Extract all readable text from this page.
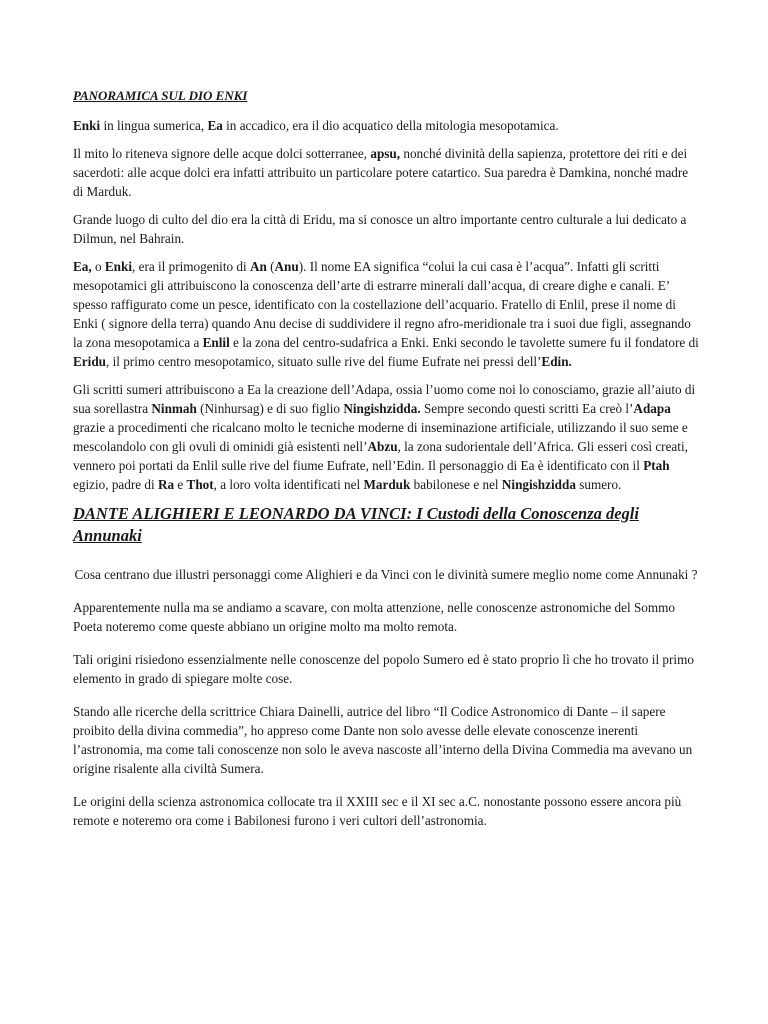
PANORAMICA SUL DIO ENKI

Enki in lingua sumerica, Ea in accadico, era il dio acquatico della mitologia mesopotamica.

Il mito lo riteneva signore delle acque dolci sotterranee, apsu, nonché divinità della sapienza, protettore dei riti e dei sacerdoti: alle acque dolci era infatti attribuito un particolare potere catartico. Sua paredra è Damkina, nonché madre di Marduk.

Grande luogo di culto del dio era la città di Eridu, ma si conosce un altro importante centro culturale a lui dedicato a Dilmun, nel Bahrain.

Ea, o Enki, era il primogenito di An (Anu). Il nome EA significa “colui la cui casa è l’acqua”. Infatti gli scritti mesopotamici gli attribuiscono la conoscenza dell’arte di estrarre minerali dall’acqua, di creare dighe e canali. E’ spesso raffigurato come un pesce, identificato con la costellazione dell’acquario. Fratello di Enlil, prese il nome di Enki ( signore della terra) quando Anu decise di suddividere il regno afro-meridionale tra i suoi due figli, assegnando la zona mesopotamica a Enlil e la zona del centro-sudafrica a Enki. Enki secondo le tavolette sumere fu il fondatore di Eridu, il primo centro mesopotamico, situato sulle rive del fiume Eufrate nei pressi dell’Edin.

Gli scritti sumeri attribuiscono a Ea la creazione dell’Adapa, ossia l’uomo come noi lo conosciamo, grazie all’aiuto di sua sorellastra Ninmah (Ninhursag) e di suo figlio Ningishzidda. Sempre secondo questi scritti Ea creò l’Adapa grazie a procedimenti che ricalcano molto le tecniche moderne di inseminazione artificiale, utilizzando il suo seme e mescolandolo con gli ovuli di ominidi già esistenti nell’Abzu, la zona sudorientale dell’Africa. Gli esseri così creati, vennero poi portati da Enlil sulle rive del fiume Eufrate, nell’Edin. Il personaggio di Ea è identificato con il Ptah egizio, padre di Ra e Thot, a loro volta identificati nel Marduk babilonese e nel Ningishzidda sumero.

DANTE ALIGHIERI E LEONARDO DA VINCI: I Custodi della Conoscenza degli Annunaki

Cosa centrano due illustri personaggi come Alighieri e da Vinci con le divinità sumere meglio nome come Annunaki ?

Apparentemente nulla ma se andiamo a scavare, con molta attenzione, nelle conoscenze astronomiche del Sommo Poeta noteremo come queste abbiano un origine molto ma molto remota.

Tali origini risiedono essenzialmente nelle conoscenze del popolo Sumero ed è stato proprio lì che ho trovato il primo elemento in grado di spiegare molte cose.

Stando alle ricerche della scrittrice Chiara Dainelli, autrice del libro “Il Codice Astronomico di Dante – il sapere proibito della divina commedia”, ho appreso come Dante non solo avesse delle elevate conoscenze inerenti l’astronomia, ma come tali conoscenze non solo le aveva nascoste all’interno della Divina Commedia ma avevano un origine risalente alla civiltà Sumera.

Le origini della scienza astronomica collocate tra il XXIII sec e il XI sec a.C. nonostante possono essere ancora più remote e noteremo ora come i Babilonesi furono i veri cultori dell’astronomia.
